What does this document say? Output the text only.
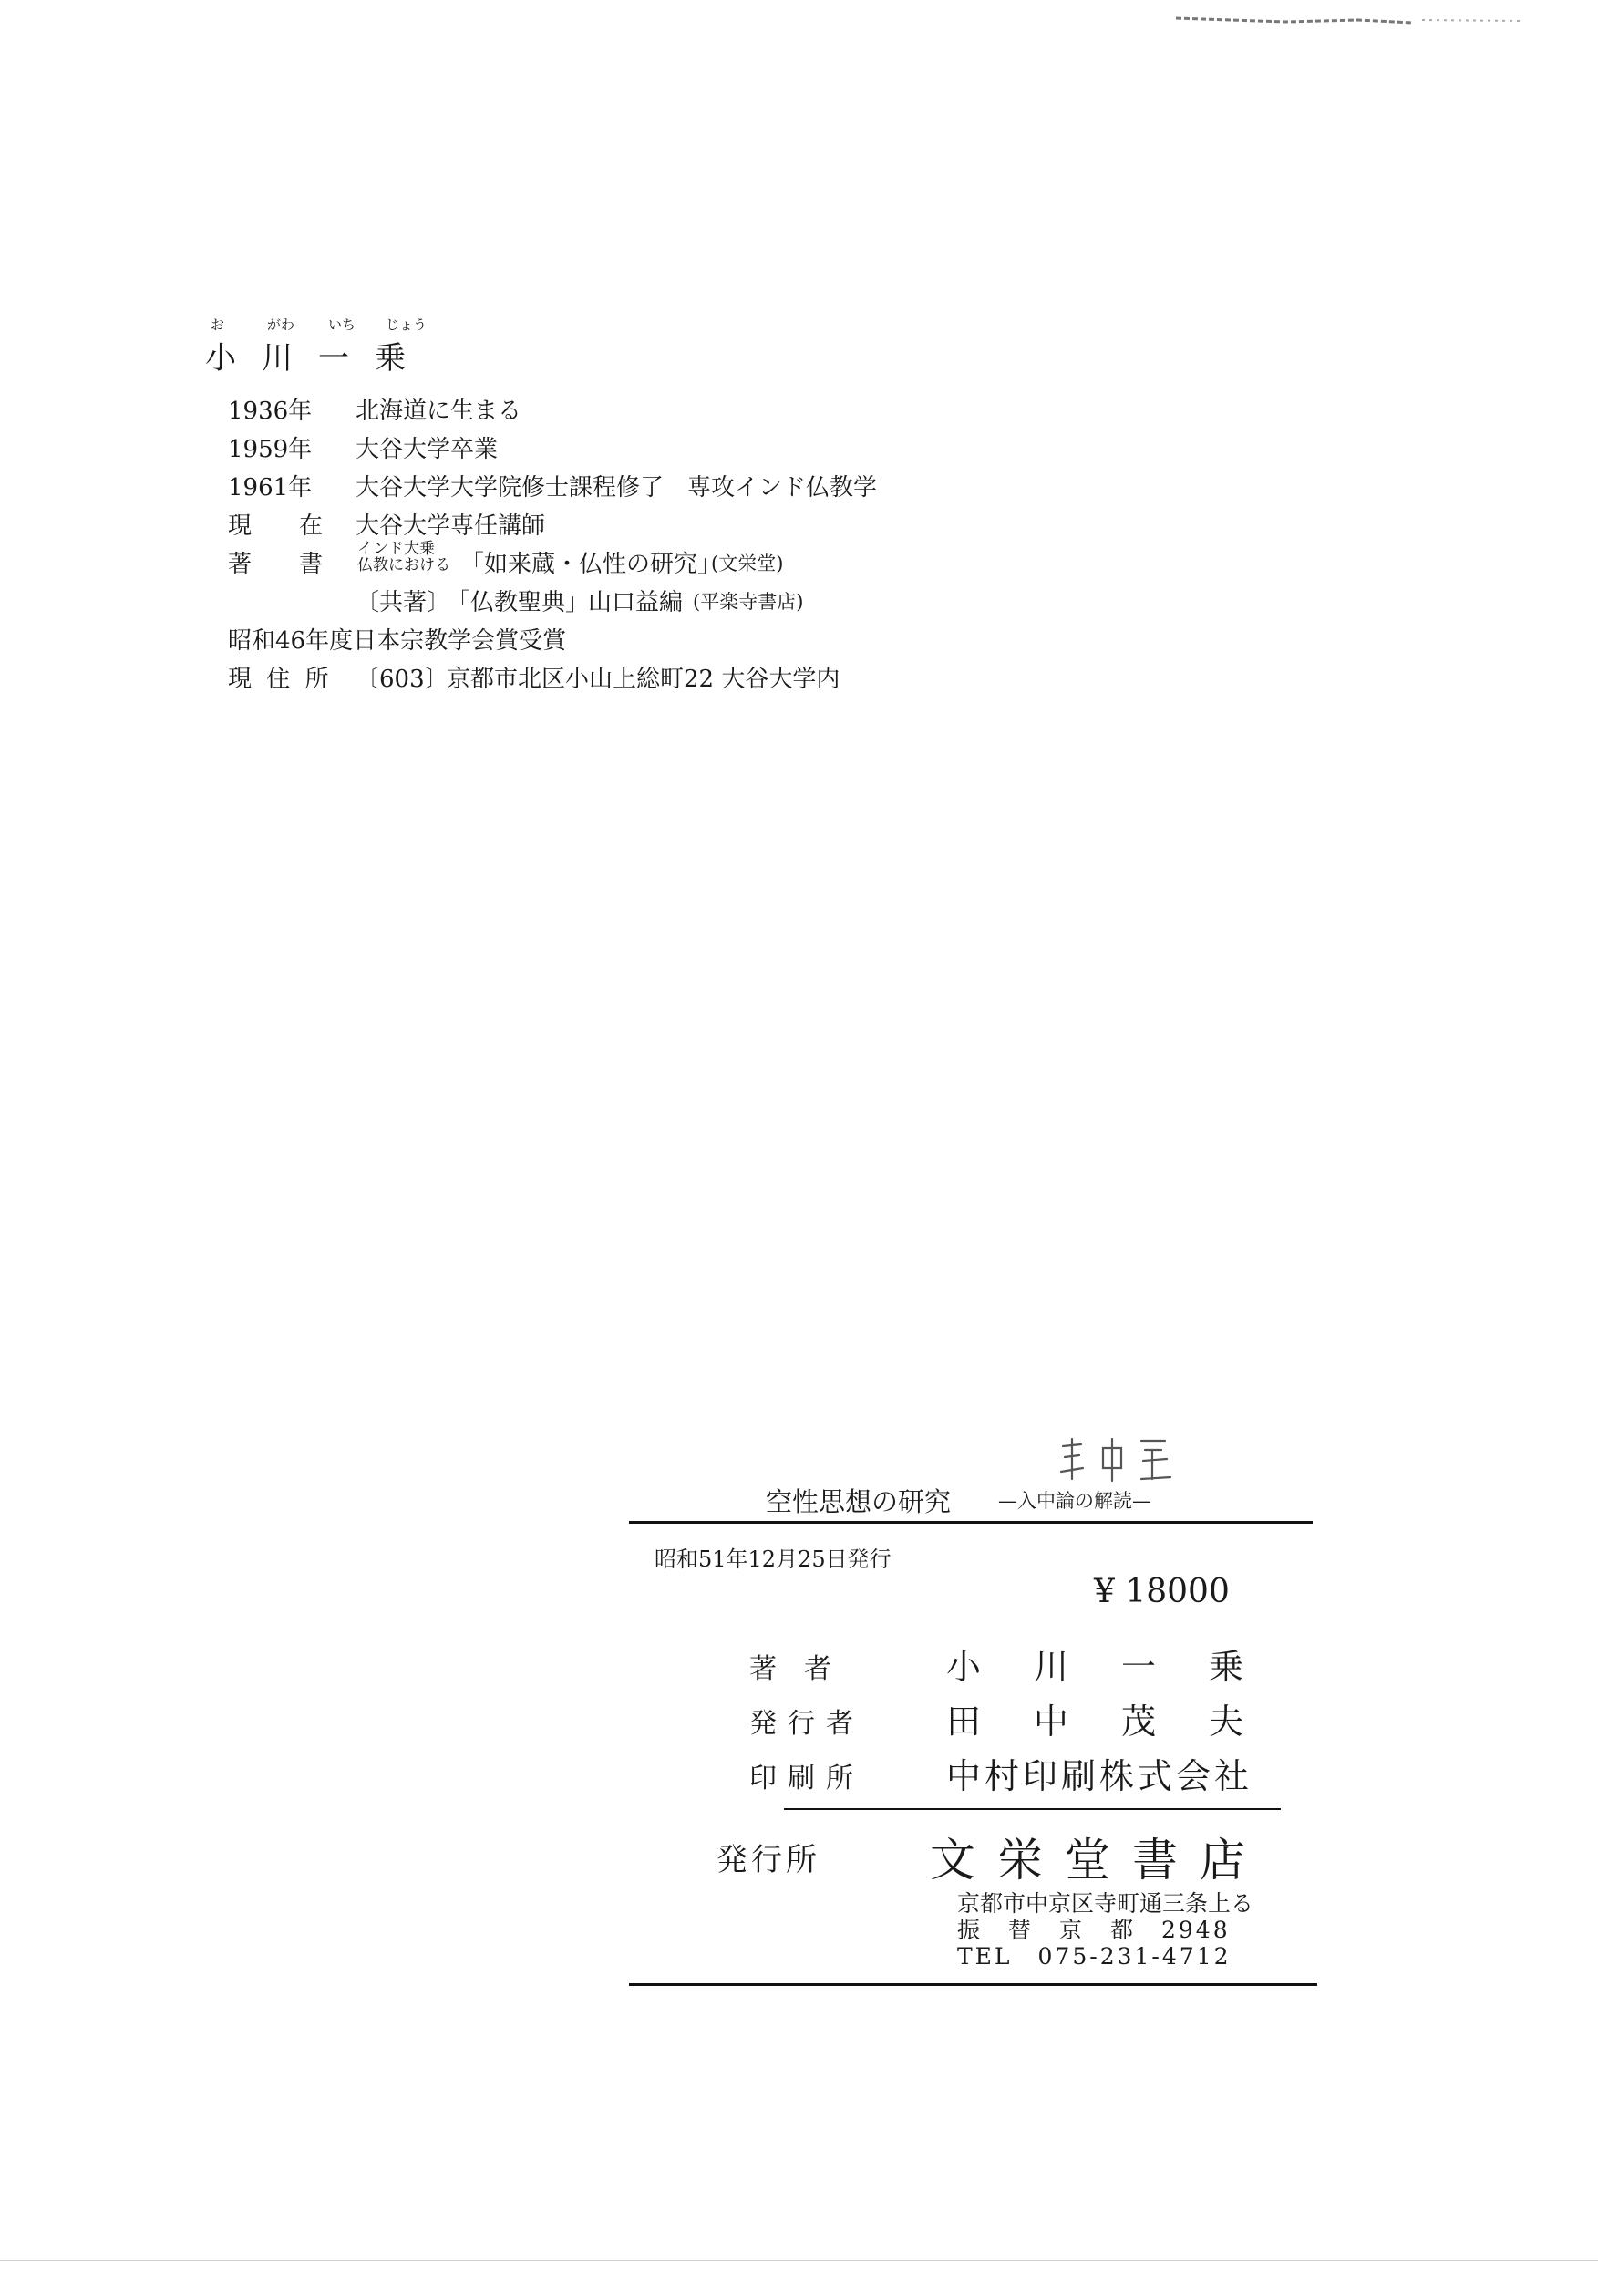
お	がわ いち じょう
小川一乗
1936年 北海道に生まる
1959年 大谷大学卒業
1961年 大谷大学大学院修士課程修了　専攻インド仏教学
現　　在 大谷大学専任講師
著　　書
インド大乗
仏教における 「如来蔵・仏性の研究」
(文栄堂)
〔共著〕
「仏教聖典」
山口益編 (平楽寺書店)
昭和46年度日本宗教学会賞受賞
現 住 所 〔603〕
京都市北区小山上総町22 大谷大学内
空性思想の研究 —入中論の解読—
昭和51年12月25日発行
¥ 18000
著者	小　川　一　乗
発行者 田　中　茂　夫
印刷所 中村印刷株式会社
発行所 文栄堂書店
京都市中京区寺町通三条上る
振　替　京　都　2948
TEL　075-231-4712
